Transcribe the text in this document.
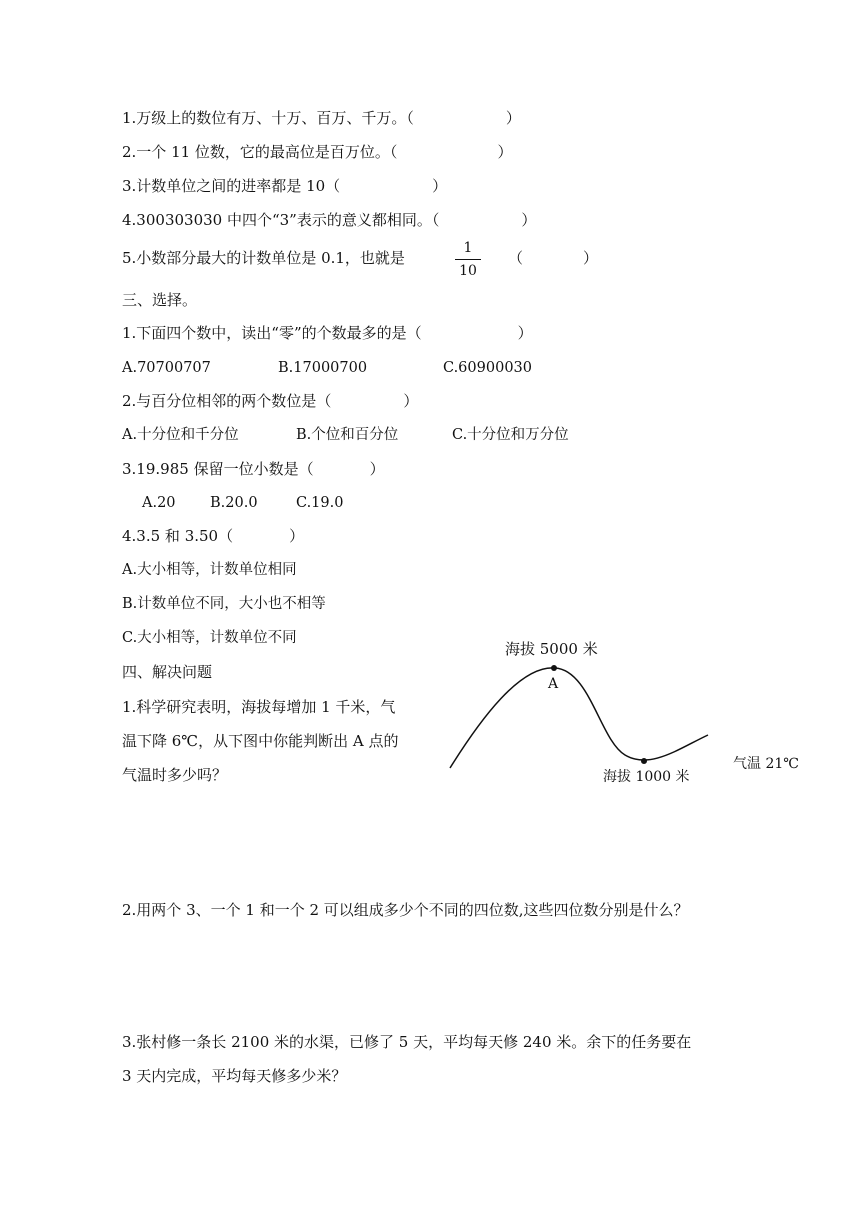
1.万级上的数位有万、十万、百万、千万。（	）
2.一个 11 位数，它的最高位是百万位。（	）
3.计数单位之间的进率都是 10（	）
4.300303030 中四个“3”表示的意义都相同。（	）
5.小数部分最大的计数单位是 0.1，也就是
1
10
（	）
三、选择。
1.下面四个数中，读出“零”的个数最多的是（	）
A.70700707	B.17000700	C.60900030
2.与百分位相邻的两个数位是（	）
A.十分位和千分位	B.个位和百分位	C.十分位和万分位
3.19.985 保留一位小数是（	）
A.20 B.20.0	C.19.0
4.3.5 和 3.50（	）
A.大小相等，计数单位相同
B.计数单位不同，大小也不相等
C.大小相等，计数单位不同
四、解决问题
1.科学研究表明，海拔每增加 1 千米，气
温下降 6℃，从下图中你能判断出 A 点的
气温时多少吗？
海拔 5000 米
A
海拔 1000 米
气温 21℃
2.用两个 3、一个 1 和一个 2 可以组成多少个不同的四位数,这些四位数分别是什么？
3.张村修一条长 2100 米的水渠，已修了 5 天，平均每天修 240 米。余下的任务要在
3 天内完成，平均每天修多少米？
